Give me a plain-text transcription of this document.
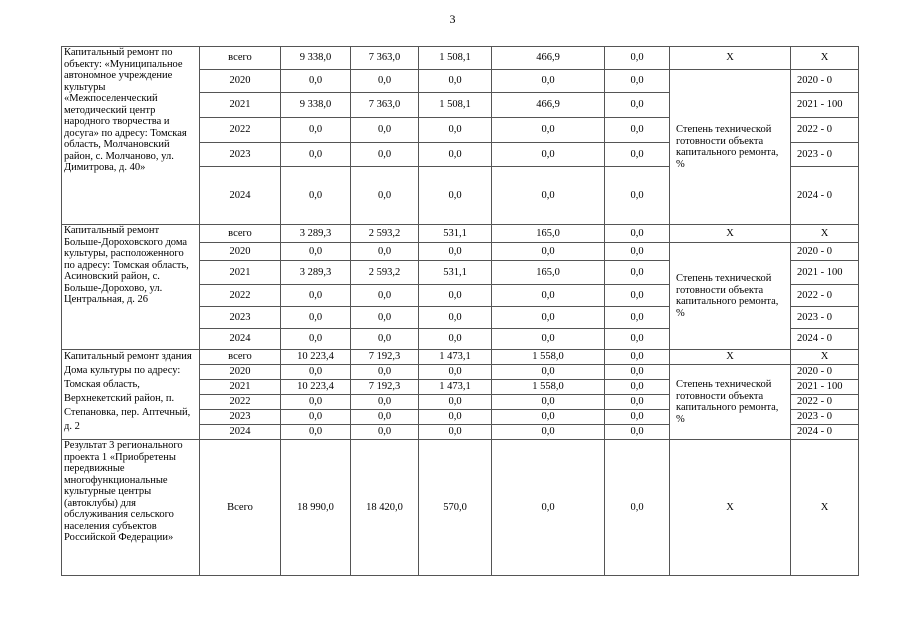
3
Капитальный ремонт по объекту: «Муниципальное автономное учреждение культуры «Межпоселенческий методический центр народного творчества и досуга» по адресу: Томская область, Молчановский район, с. Молчаново, ул. Димитрова, д. 40»	всего	9 338,0	7 363,0	1 508,1	466,9	0,0	Х	Х
	2020	0,0	0,0	0,0	0,0	0,0	Степень технической готовности объекта капитального ремонта, %	2020 - 0
	2021	9 338,0	7 363,0	1 508,1	466,9	0,0		2021 - 100
	2022	0,0	0,0	0,0	0,0	0,0		2022 - 0
	2023	0,0	0,0	0,0	0,0	0,0		2023 - 0
	2024	0,0	0,0	0,0	0,0	0,0		2024 - 0
Капитальный ремонт Больше-Дороховского дома культуры, расположенного по адресу: Томская область, Асиновский район, с. Больше-Дорохово, ул. Центральная, д. 26	всего	3 289,3	2 593,2	531,1	165,0	0,0	Х	Х
	2020	0,0	0,0	0,0	0,0	0,0	Степень технической готовности объекта капитального ремонта, %	2020 - 0
	2021	3 289,3	2 593,2	531,1	165,0	0,0		2021 - 100
	2022	0,0	0,0	0,0	0,0	0,0		2022 - 0
	2023	0,0	0,0	0,0	0,0	0,0		2023 - 0
	2024	0,0	0,0	0,0	0,0	0,0		2024 - 0
Капитальный ремонт здания Дома культуры по адресу: Томская область, Верхнекетский район, п. Степановка, пер. Аптечный, д. 2	всего	10 223,4	7 192,3	1 473,1	1 558,0	0,0	Х	Х
	2020	0,0	0,0	0,0	0,0	0,0	Степень технической готовности объекта капитального ремонта, %	2020 - 0
	2021	10 223,4	7 192,3	1 473,1	1 558,0	0,0		2021 - 100
	2022	0,0	0,0	0,0	0,0	0,0		2022 - 0
	2023	0,0	0,0	0,0	0,0	0,0		2023 - 0
	2024	0,0	0,0	0,0	0,0	0,0		2024 - 0
Результат 3 регионального проекта 1 «Приобретены передвижные многофункциональные культурные центры (автоклубы) для обслуживания сельского населения субъектов Российской Федерации»	Всего	18 990,0	18 420,0	570,0	0,0	0,0	Х	Х
